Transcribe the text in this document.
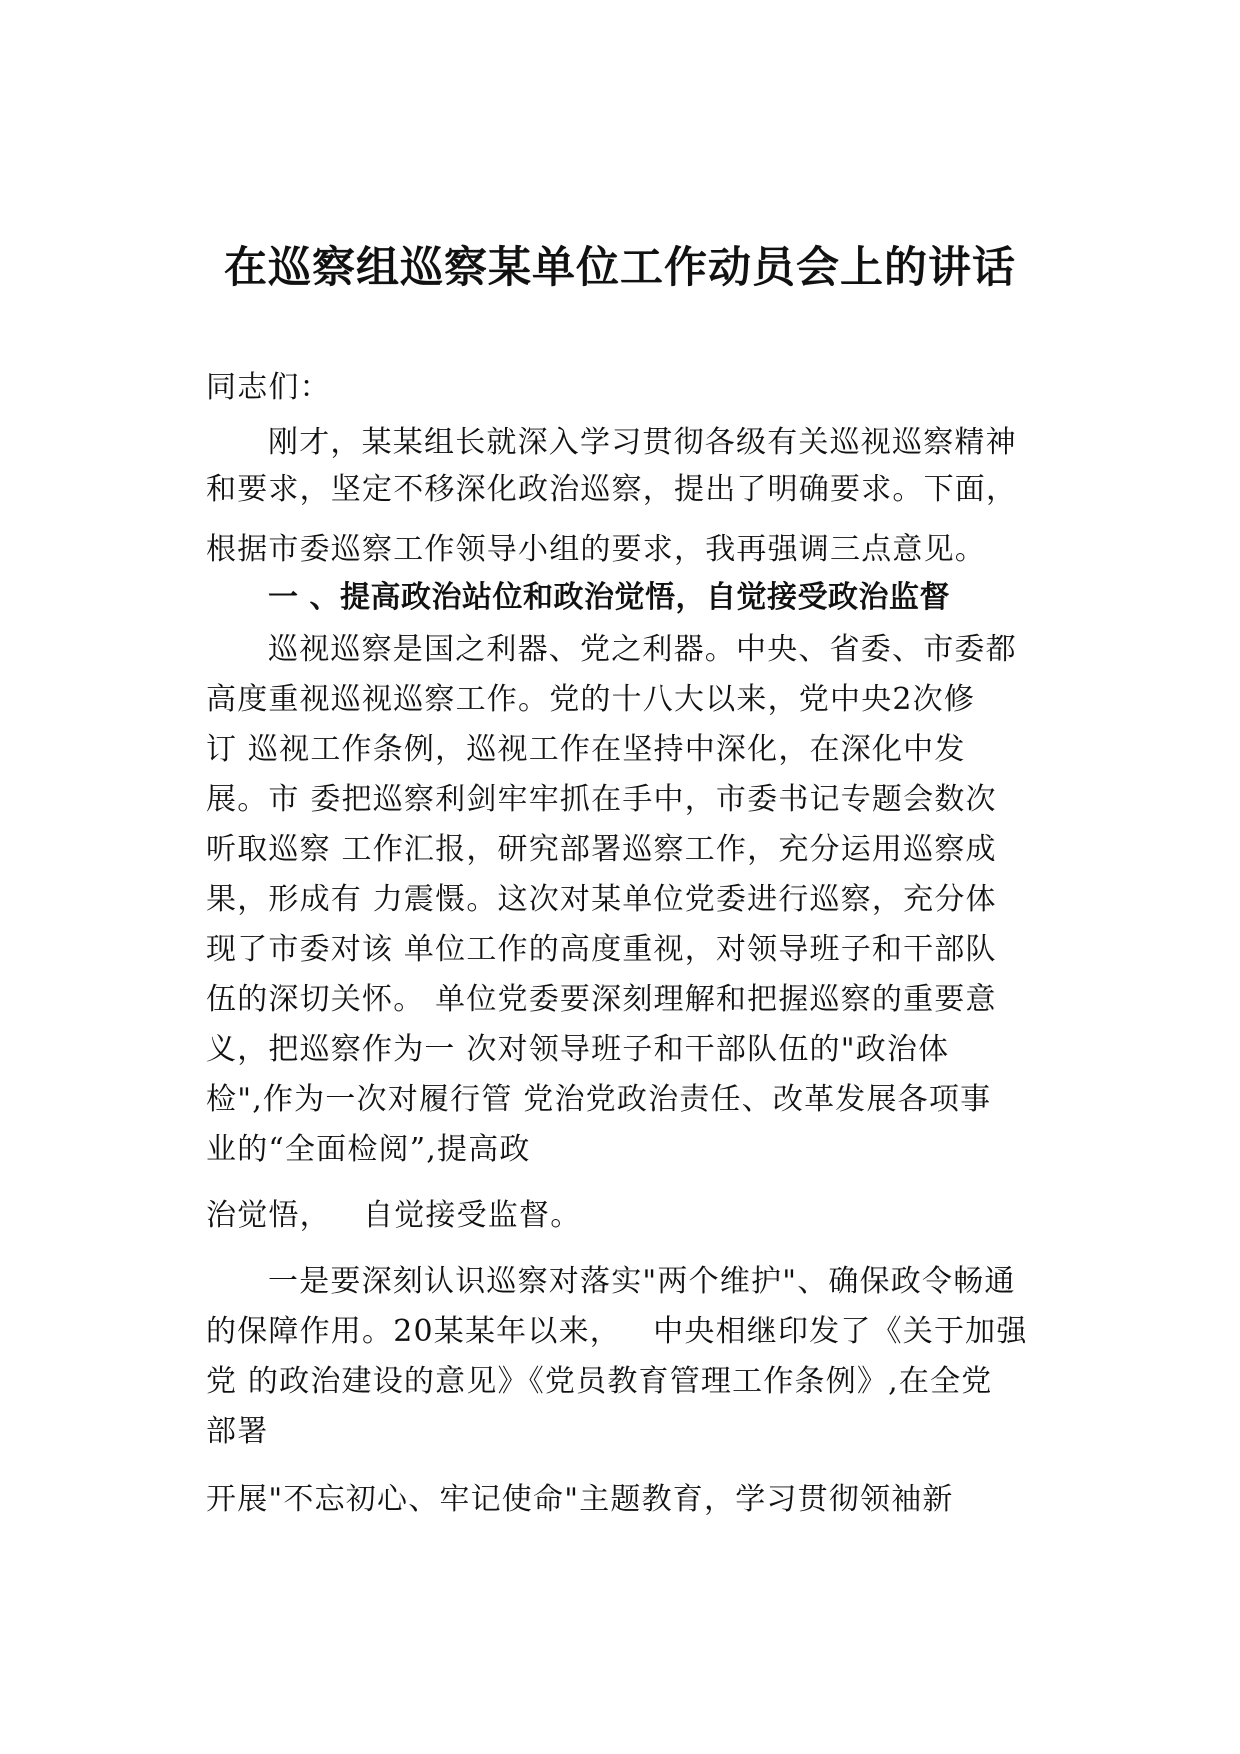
在巡察组巡察某单位工作动员会上的讲话
同志们：
刚才，某某组长就深入学习贯彻各级有关巡视巡察精神
和要求，坚定不移深化政治巡察，提出了明确要求。下面，
根据市委巡察工作领导小组的要求，我再强调三点意见。
一 、提高政治站位和政治觉悟，自觉接受政治监督
巡视巡察是国之利器、党之利器。中央、省委、市委都
高度重视巡视巡察工作。党的十八大以来，党中央2次修
订 巡视工作条例，巡视工作在坚持中深化，在深化中发
展。市 委把巡察利剑牢牢抓在手中，市委书记专题会数次
听取巡察 工作汇报，研究部署巡察工作，充分运用巡察成
果，形成有 力震慑。这次对某单位党委进行巡察，充分体
现了市委对该 单位工作的高度重视，对领导班子和干部队
伍的深切关怀。 单位党委要深刻理解和把握巡察的重要意
义，把巡察作为一 次对领导班子和干部队伍的"政治体
检",作为一次对履行管 党治党政治责任、改革发展各项事
业的“全面检阅”,提高政
治觉悟，   自觉接受监督。
一是要深刻认识巡察对落实"两个维护"、确保政令畅通
的保障作用。20某某年以来，   中央相继印发了《关于加强
党 的政治建设的意见》《党员教育管理工作条例》,在全党
部署
开展"不忘初心、牢记使命"主题教育，学习贯彻领袖新
